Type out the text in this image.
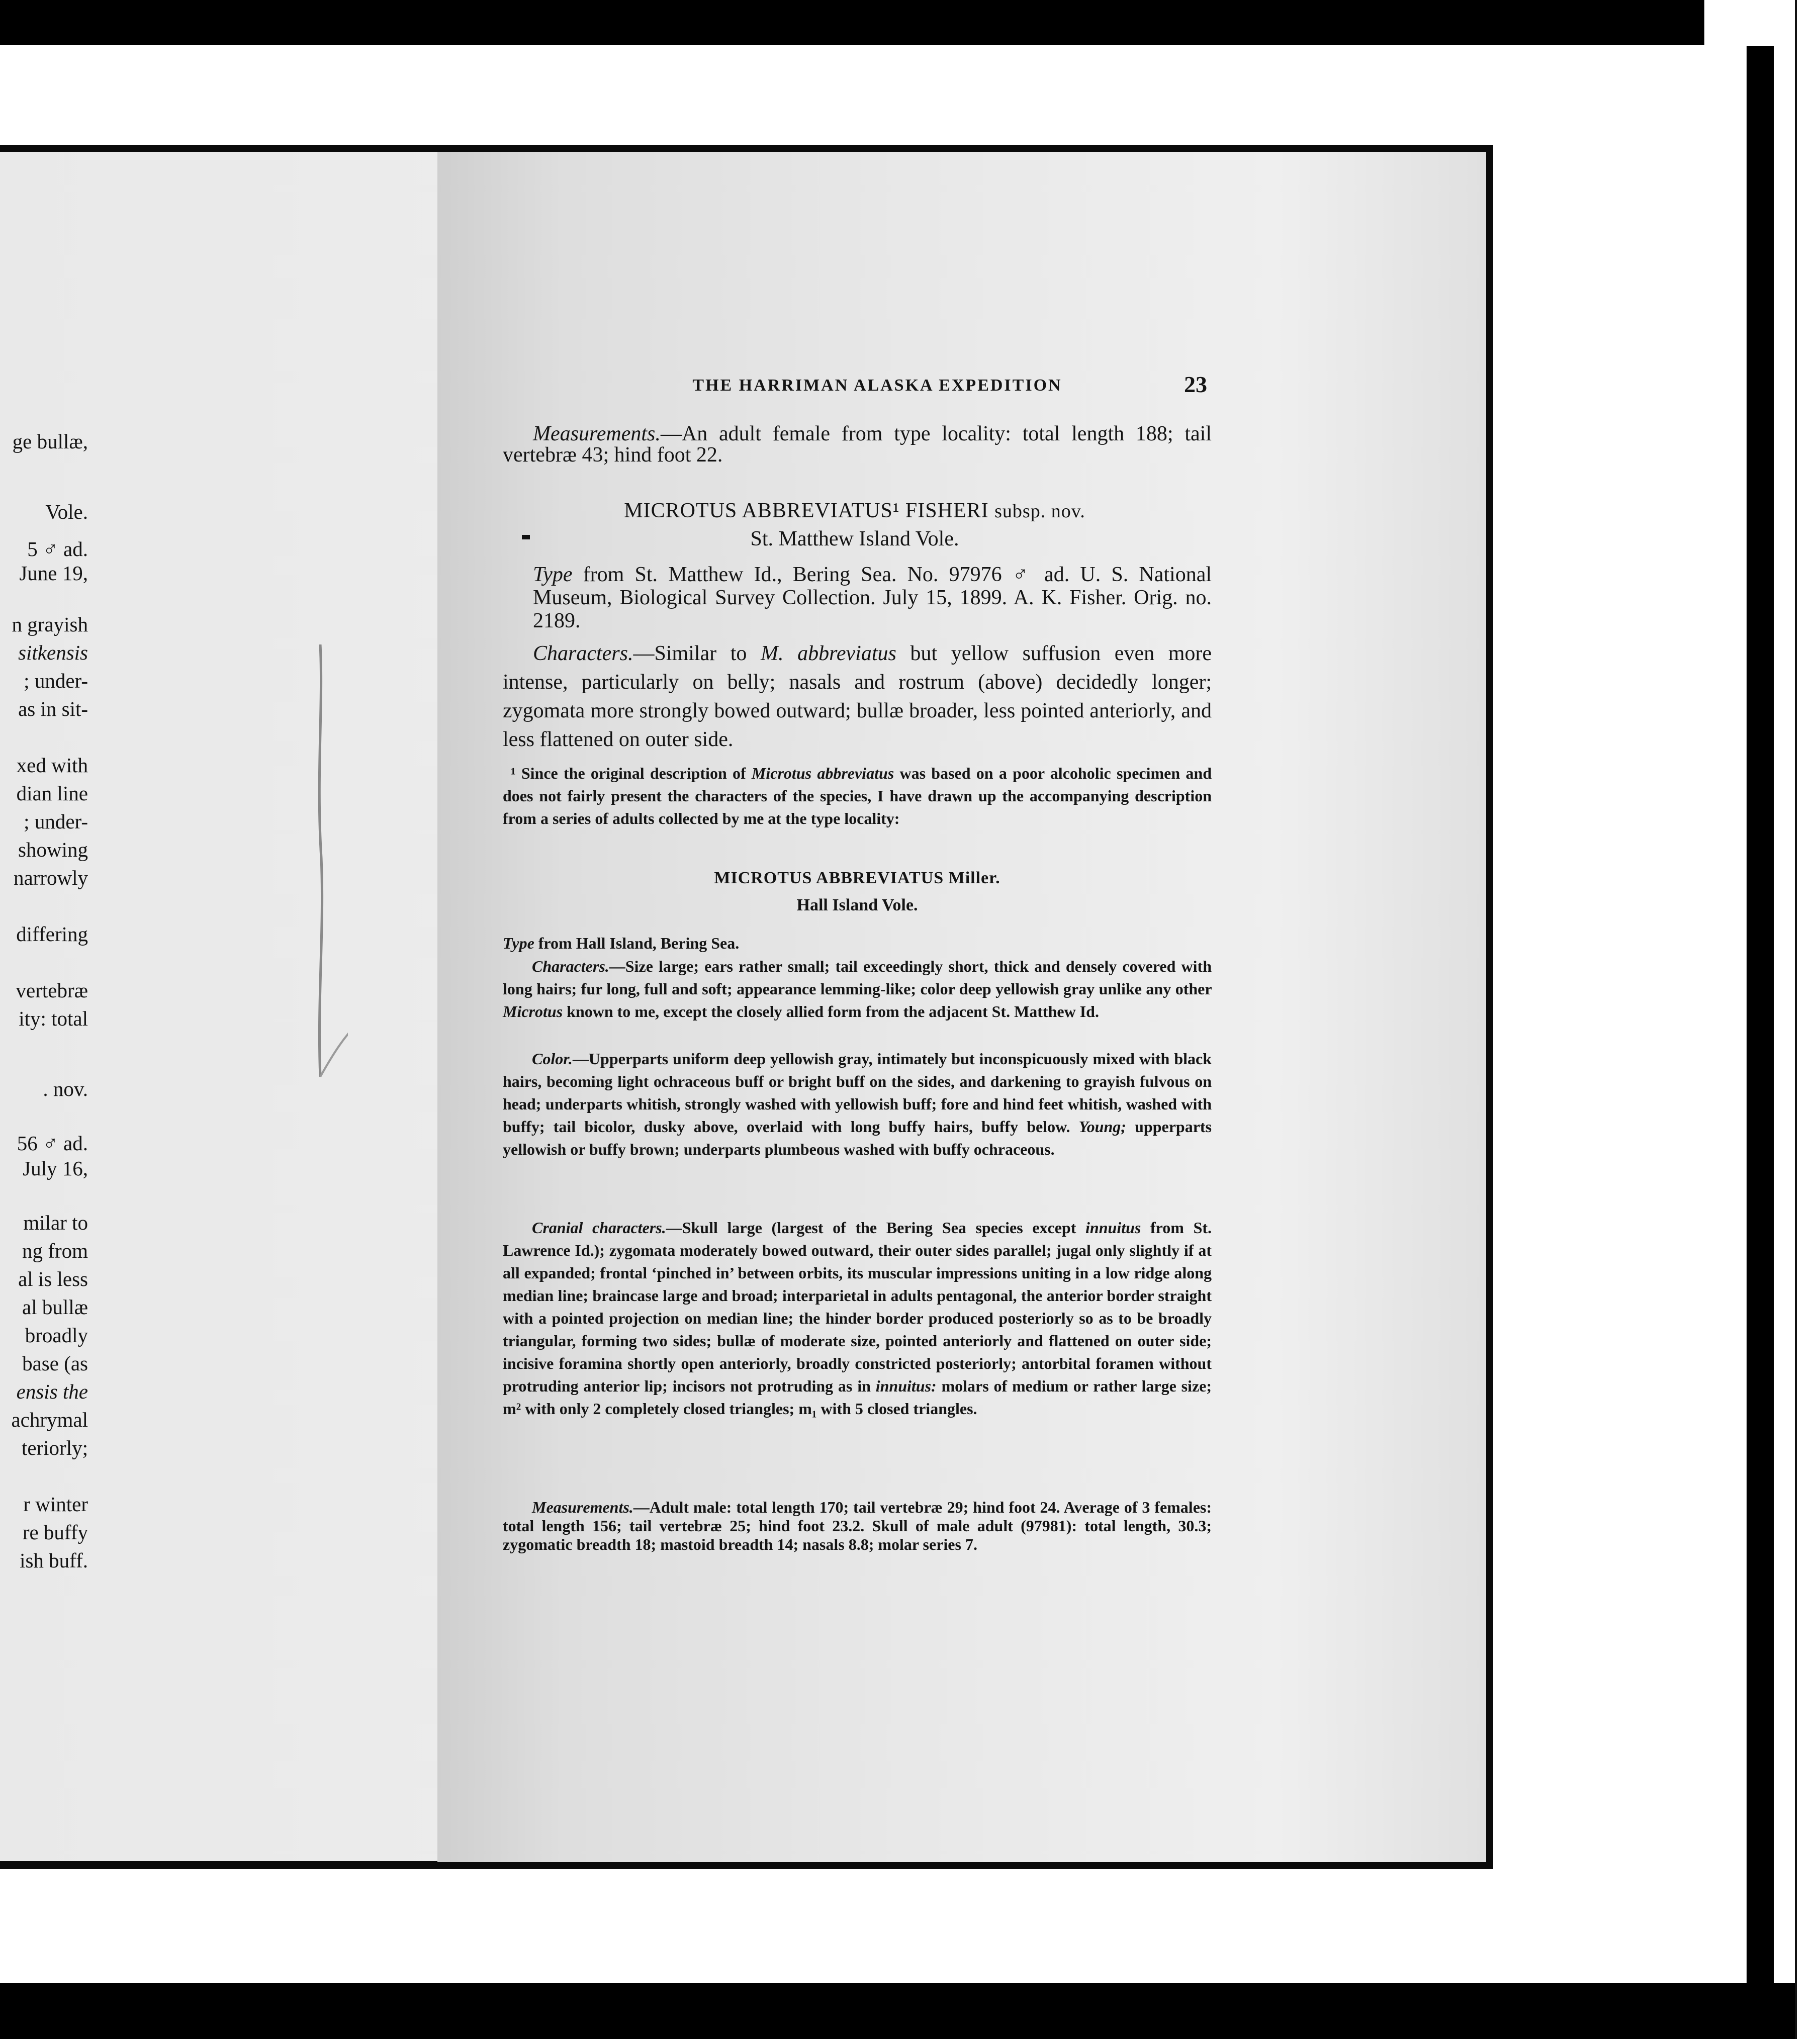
ge bullæ,
Vole.
5 ♂ ad.
June 19,
n grayish
sitkensis
; under-
as in sit-
xed with
dian line
; under-
showing
narrowly
differing
vertebræ
ity: total
. nov.
56 ♂ ad.
July 16,
milar to
ng from
al is less
al bullæ
broadly
base (as
ensis the
achrymal
teriorly;
r winter
re buffy
ish buff.
THE HARRIMAN ALASKA EXPEDITION	23
Measurements.—An adult female from type locality: total length 188; tail vertebræ 43; hind foot 22.
MICROTUS ABBREVIATUS¹ FISHERI subsp. nov.
St. Matthew Island Vole.
Type from St. Matthew Id., Bering Sea. No. 97976 ♂ ad. U. S. National Museum, Biological Survey Collection. July 15, 1899. A. K. Fisher. Orig. no. 2189.
Characters.—Similar to M. abbreviatus but yellow suffusion even more intense, particularly on belly; nasals and rostrum (above) decidedly longer; zygomata more strongly bowed outward; bullæ broader, less pointed anteriorly, and less flattened on outer side.
¹ Since the original description of Microtus abbreviatus was based on a poor alcoholic specimen and does not fairly present the characters of the species, I have drawn up the accompanying description from a series of adults collected by me at the type locality:
MICROTUS ABBREVIATUS Miller.
Hall Island Vole.
Type from Hall Island, Bering Sea.
Characters.—Size large; ears rather small; tail exceedingly short, thick and densely covered with long hairs; fur long, full and soft; appearance lemming-like; color deep yellowish gray unlike any other Microtus known to me, except the closely allied form from the adjacent St. Matthew Id.
Color.—Upperparts uniform deep yellowish gray, intimately but inconspicuously mixed with black hairs, becoming light ochraceous buff or bright buff on the sides, and darkening to grayish fulvous on head; underparts whitish, strongly washed with yellowish buff; fore and hind feet whitish, washed with buffy; tail bicolor, dusky above, overlaid with long buffy hairs, buffy below. Young; upperparts yellowish or buffy brown; underparts plumbeous washed with buffy ochraceous.
Cranial characters.—Skull large (largest of the Bering Sea species except innuitus from St. Lawrence Id.); zygomata moderately bowed outward, their outer sides parallel; jugal only slightly if at all expanded; frontal ‘pinched in’ between orbits, its muscular impressions uniting in a low ridge along median line; braincase large and broad; interparietal in adults pentagonal, the anterior border straight with a pointed projection on median line; the hinder border produced posteriorly so as to be broadly triangular, forming two sides; bullæ of moderate size, pointed anteriorly and flattened on outer side; incisive foramina shortly open anteriorly, broadly constricted posteriorly; antorbital foramen without protruding anterior lip; incisors not protruding as in innuitus: molars of medium or rather large size; m² with only 2 completely closed triangles; m₁ with 5 closed triangles.
Measurements.—Adult male: total length 170; tail vertebræ 29; hind foot 24. Average of 3 females: total length 156; tail vertebræ 25; hind foot 23.2. Skull of male adult (97981): total length, 30.3; zygomatic breadth 18; mastoid breadth 14; nasals 8.8; molar series 7.
